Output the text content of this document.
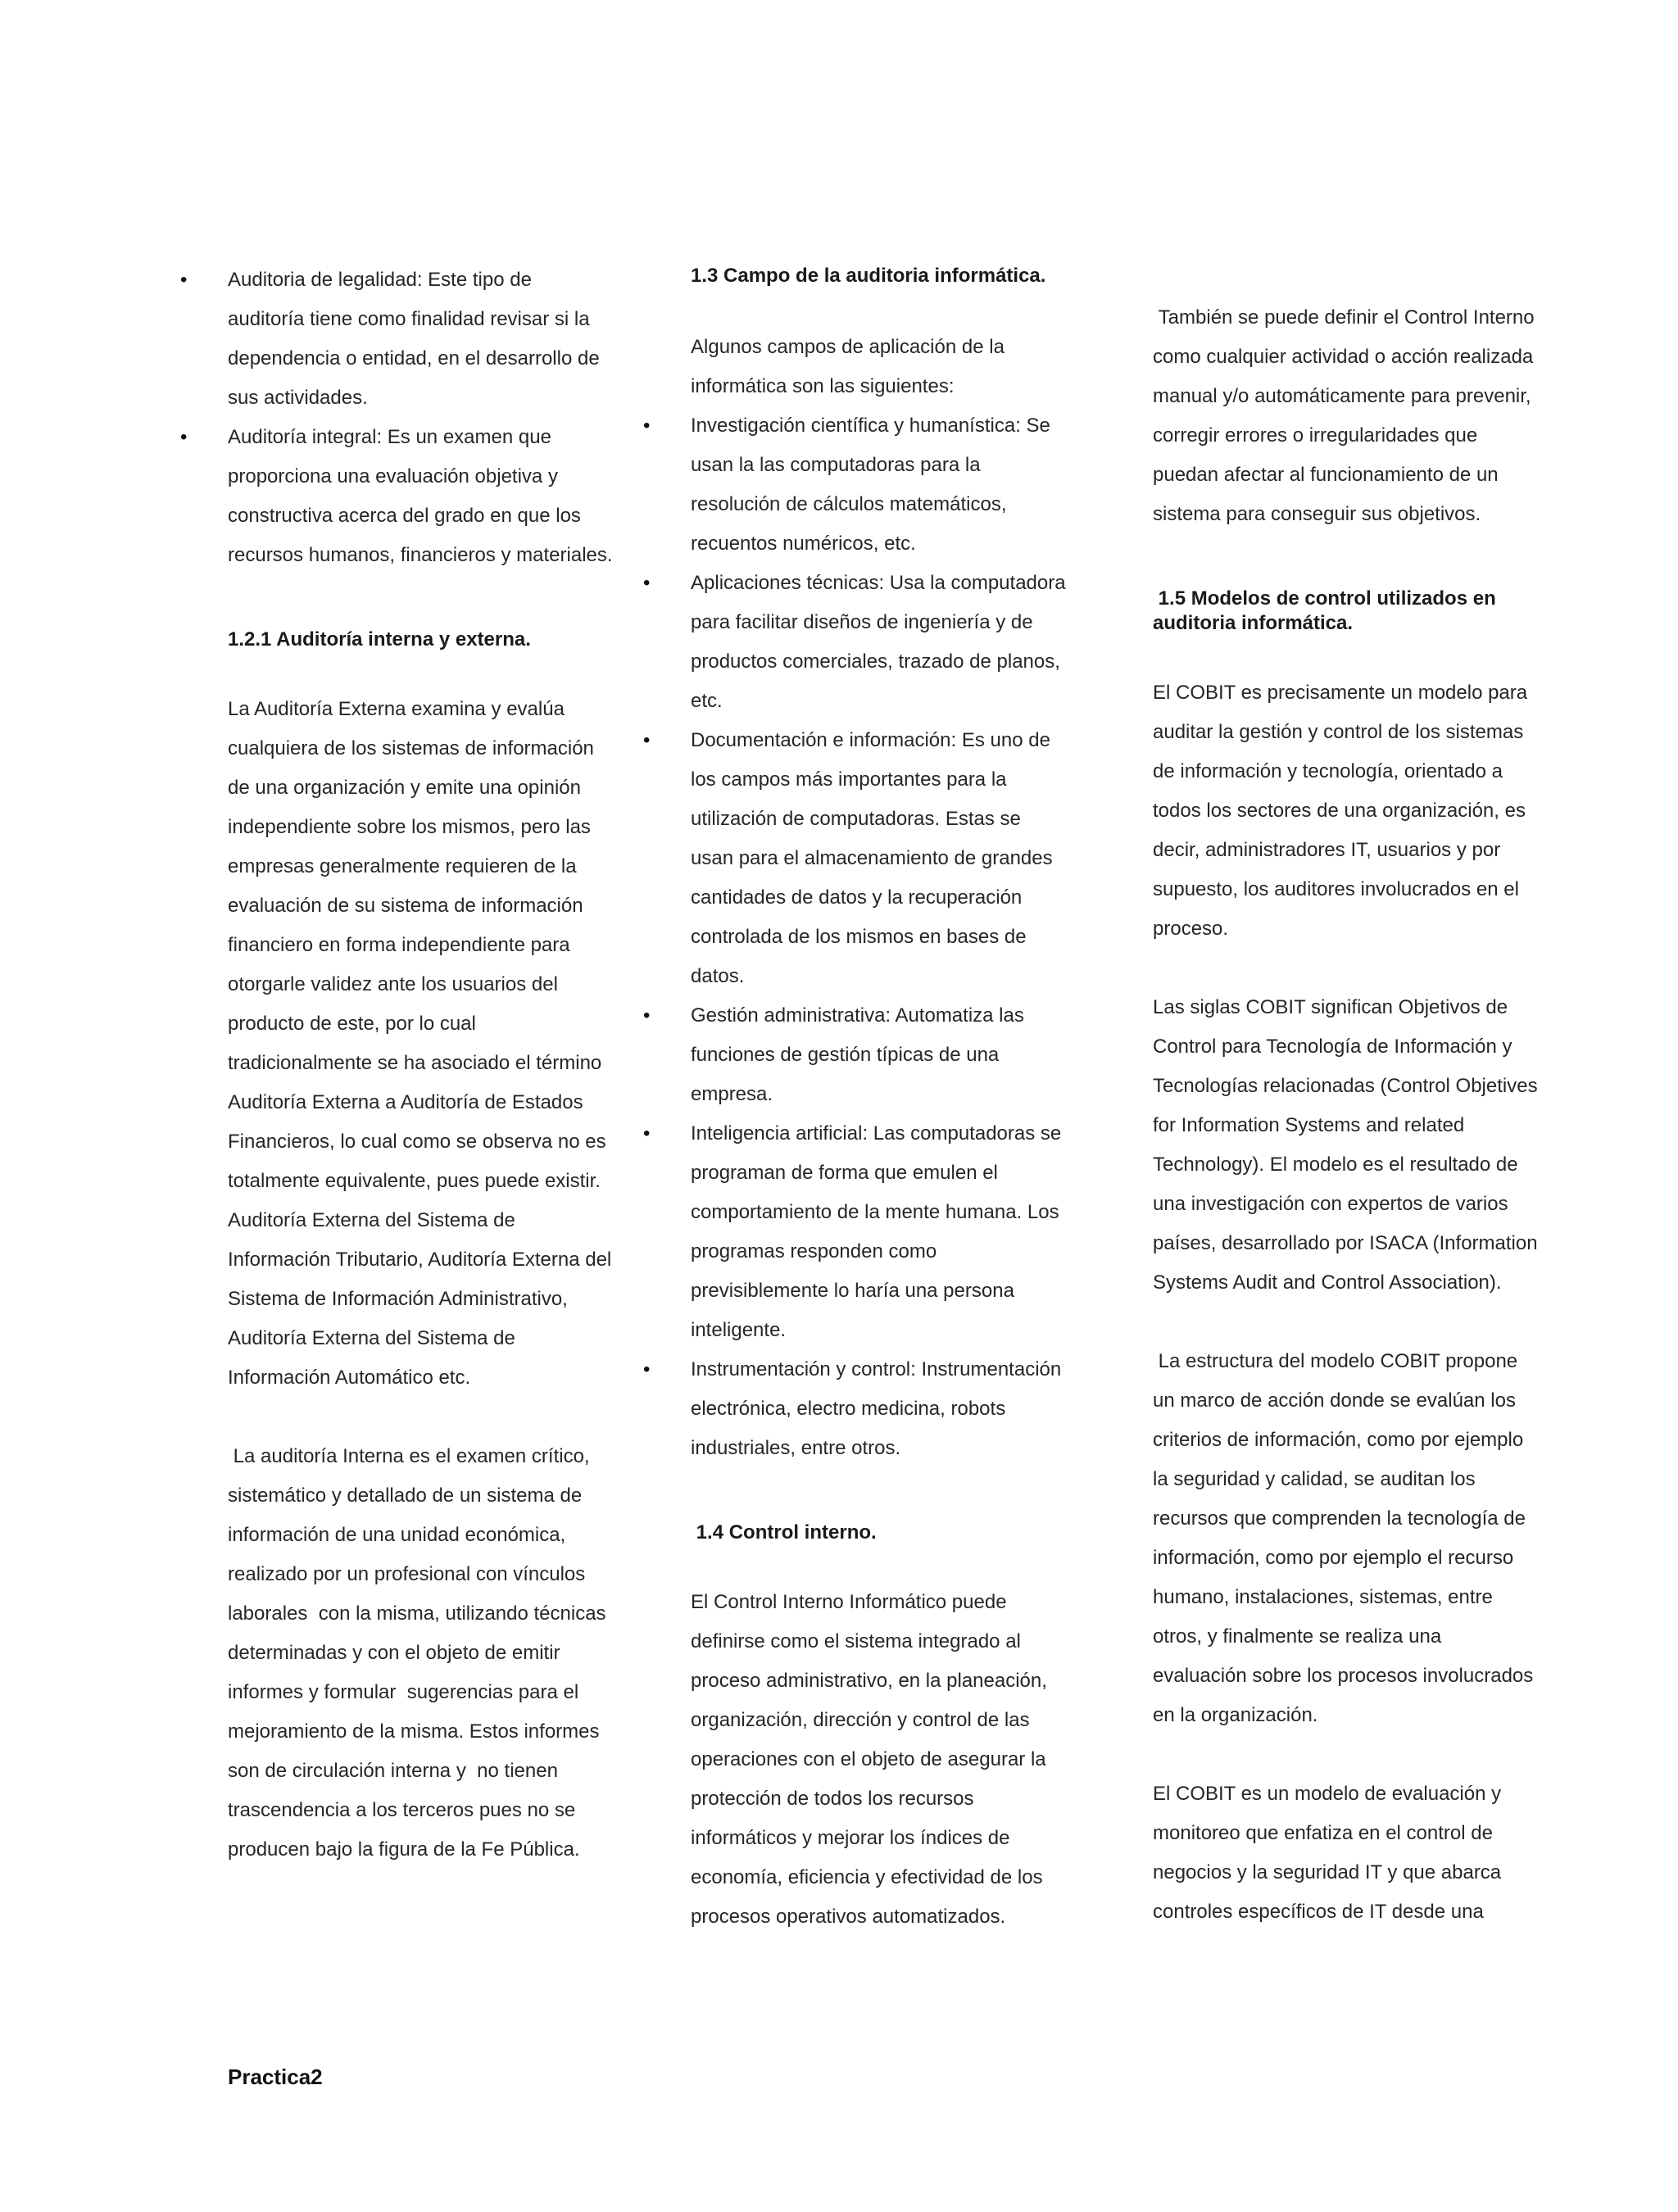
• Auditoria de legalidad: Este tipo de auditoría tiene como finalidad revisar si la dependencia o entidad, en el desarrollo de sus actividades.
• Auditoría integral: Es un examen que proporciona una evaluación objetiva y constructiva acerca del grado en que los recursos humanos, financieros y materiales.

1.2.1 Auditoría interna y externa.

La Auditoría Externa examina y evalúa cualquiera de los sistemas de información de una organización y emite una opinión independiente sobre los mismos, pero las empresas generalmente requieren de la evaluación de su sistema de información financiero en forma independiente para otorgarle validez ante los usuarios del producto de este, por lo cual tradicionalmente se ha asociado el término Auditoría Externa a Auditoría de Estados

Financieros, lo cual como se observa no es totalmente equivalente, pues puede existir. Auditoría Externa del Sistema de Información Tributario, Auditoría Externa del Sistema de Información Administrativo, Auditoría Externa del Sistema de Información Automático etc.

La auditoría Interna es el examen crítico, sistemático y detallado de un sistema de información de una unidad económica, realizado por un profesional con vínculos laborales  con la misma, utilizando técnicas determinadas y con el objeto de emitir informes y formular  sugerencias para el mejoramiento de la misma. Estos informes son de circulación interna y  no tienen trascendencia a los terceros pues no se producen bajo la figura de la Fe Pública.

1.3 Campo de la auditoria informática.

Algunos campos de aplicación de la informática son las siguientes:

• Investigación científica y humanística: Se usan la las computadoras para la resolución de cálculos matemáticos, recuentos numéricos, etc.
• Aplicaciones técnicas: Usa la computadora para facilitar diseños de ingeniería y de productos comerciales, trazado de planos, etc.
• Documentación e información: Es uno de los campos más importantes para la utilización de computadoras. Estas se usan para el almacenamiento de grandes cantidades de datos y la recuperación controlada de los mismos en bases de datos.
• Gestión administrativa: Automatiza las funciones de gestión típicas de una empresa.
• Inteligencia artificial: Las computadoras se programan de forma que emulen el comportamiento de la mente humana. Los programas responden como previsiblemente lo haría una persona inteligente.
• Instrumentación y control: Instrumentación electrónica, electro medicina, robots industriales, entre otros.

1.4 Control interno.

El Control Interno Informático puede definirse como el sistema integrado al proceso administrativo, en la planeación, organización, dirección y control de las operaciones con el objeto de asegurar la protección de todos los recursos informáticos y mejorar los índices de economía, eficiencia y efectividad de los procesos operativos automatizados.

También se puede definir el Control Interno como cualquier actividad o acción realizada manual y/o automáticamente para prevenir, corregir errores o irregularidades que puedan afectar al funcionamiento de un sistema para conseguir sus objetivos.

1.5 Modelos de control utilizados en auditoria informática.

El COBIT es precisamente un modelo para auditar la gestión y control de los sistemas de información y tecnología, orientado a todos los sectores de una organización, es decir, administradores IT, usuarios y por supuesto, los auditores involucrados en el proceso.

Las siglas COBIT significan Objetivos de Control para Tecnología de Información y Tecnologías relacionadas (Control Objetives for Information Systems and related Technology). El modelo es el resultado de una investigación con expertos de varios países, desarrollado por ISACA (Information Systems Audit and Control Association).

La estructura del modelo COBIT propone un marco de acción donde se evalúan los criterios de información, como por ejemplo la seguridad y calidad, se auditan los recursos que comprenden la tecnología de información, como por ejemplo el recurso humano, instalaciones, sistemas, entre otros, y finalmente se realiza una evaluación sobre los procesos involucrados en la organización.

El COBIT es un modelo de evaluación y monitoreo que enfatiza en el control de negocios y la seguridad IT y que abarca controles específicos de IT desde una

Practica2
